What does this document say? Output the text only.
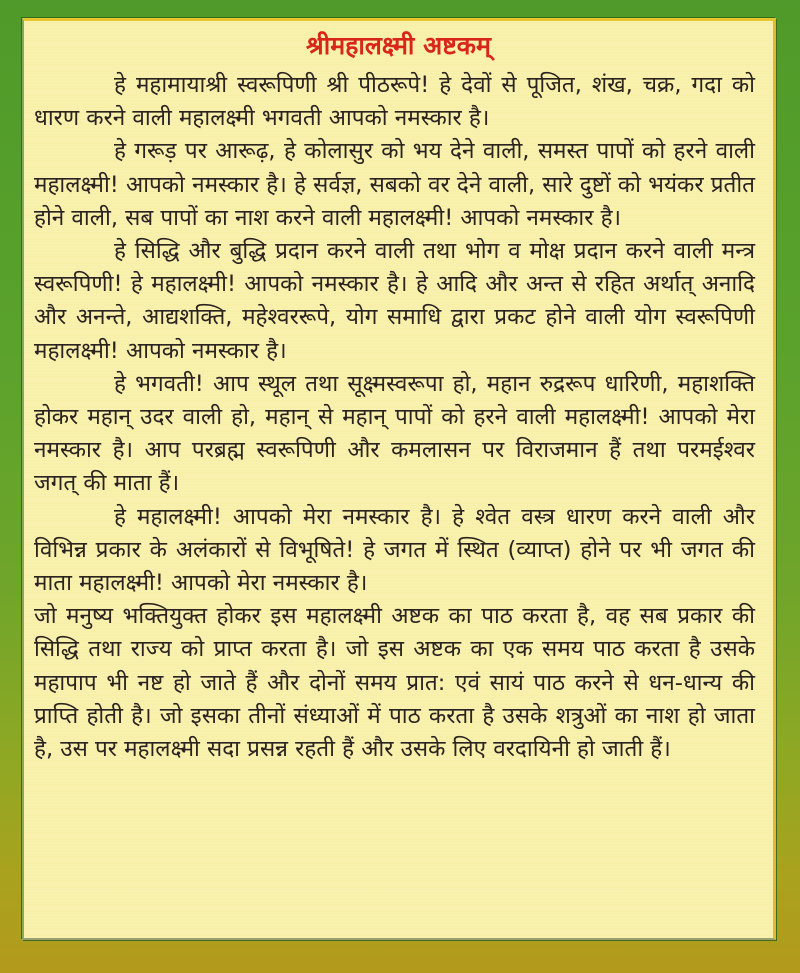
श्रीमहालक्ष्मी अष्टकम्

हे महामायाश्री स्वरूपिणी श्री पीठरूपे! हे देवों से पूजित, शंख, चक्र, गदा को धारण करने वाली महालक्ष्मी भगवती आपको नमस्कार है।

हे गरूड़ पर आरूढ़, हे कोलासुर को भय देने वाली, समस्त पापों को हरने वाली महालक्ष्मी! आपको नमस्कार है। हे सर्वज्ञ, सबको वर देने वाली, सारे दुष्टों को भयंकर प्रतीत होने वाली, सब पापों का नाश करने वाली महालक्ष्मी! आपको नमस्कार है।

हे सिद्धि और बुद्धि प्रदान करने वाली तथा भोग व मोक्ष प्रदान करने वाली मन्त्र स्वरूपिणी! हे महालक्ष्मी! आपको नमस्कार है। हे आदि और अन्त से रहित अर्थात् अनादि और अनन्ते, आद्यशक्ति, महेश्वररूपे, योग समाधि द्वारा प्रकट होने वाली योग स्वरूपिणी महालक्ष्मी! आपको नमस्कार है।

हे भगवती! आप स्थूल तथा सूक्ष्मस्वरूपा हो, महान रुद्ररूप धारिणी, महाशक्ति होकर महान् उदर वाली हो, महान् से महान् पापों को हरने वाली महालक्ष्मी! आपको मेरा नमस्कार है। आप परब्रह्म स्वरूपिणी और कमलासन पर विराजमान हैं तथा परमईश्वर जगत् की माता हैं।

हे महालक्ष्मी! आपको मेरा नमस्कार है। हे श्वेत वस्त्र धारण करने वाली और विभिन्न प्रकार के अलंकारों से विभूषिते! हे जगत में स्थित (व्याप्त) होने पर भी जगत की माता महालक्ष्मी! आपको मेरा नमस्कार है।

जो मनुष्य भक्तियुक्त होकर इस महालक्ष्मी अष्टक का पाठ करता है, वह सब प्रकार की सिद्धि तथा राज्य को प्राप्त करता है। जो इस अष्टक का एक समय पाठ करता है उसके महापाप भी नष्ट हो जाते हैं और दोनों समय प्रात: एवं सायं पाठ करने से धन-धान्य की प्राप्ति होती है। जो इसका तीनों संध्याओं में पाठ करता है उसके शत्रुओं का नाश हो जाता है, उस पर महालक्ष्मी सदा प्रसन्न रहती हैं और उसके लिए वरदायिनी हो जाती हैं।
